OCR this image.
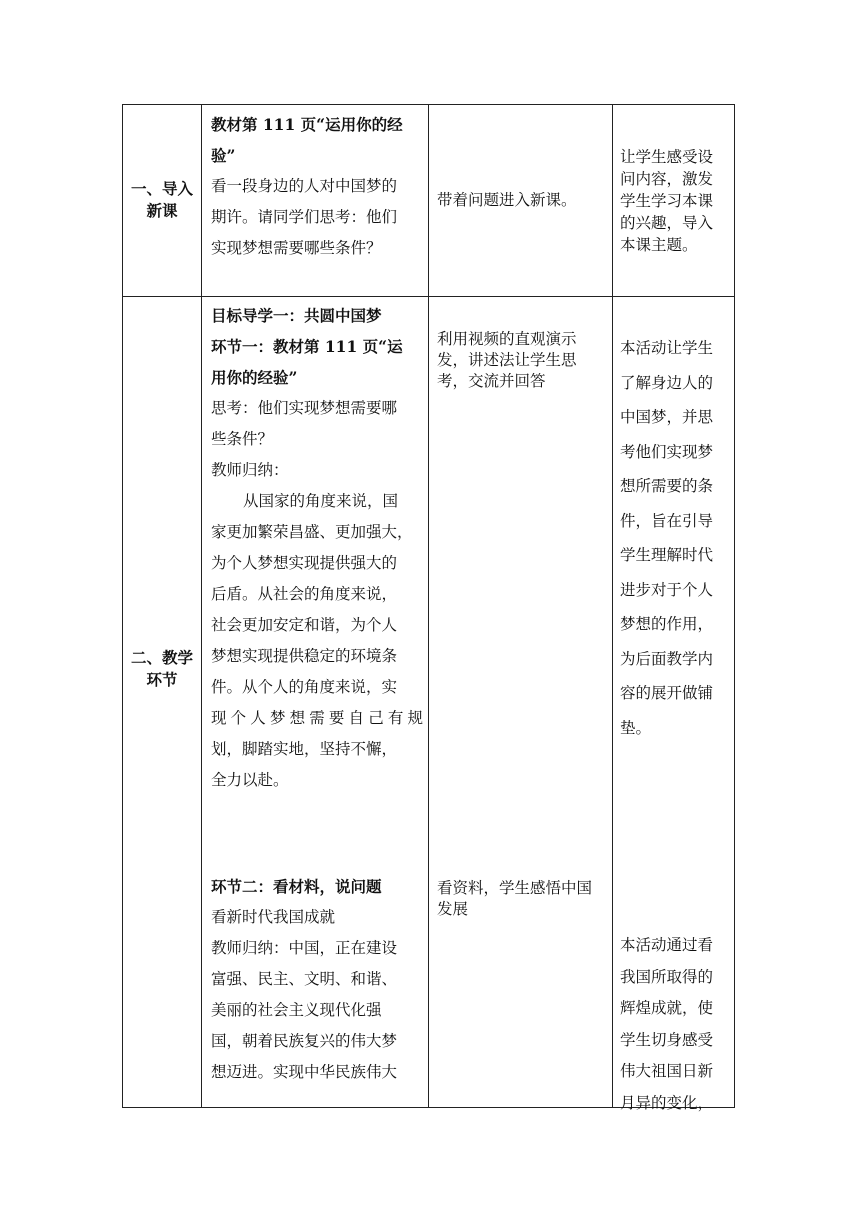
一、导入
新课
教材第 111 页“运用你的经
验”
看一段身边的人对中国梦的
期许。请同学们思考：他们
实现梦想需要哪些条件？
带着问题进入新课。
让学生感受设
问内容，激发
学生学习本课
的兴趣，导入
本课主题。
二、教学
环节
目标导学一：共圆中国梦
环节一：教材第 111 页“运
用你的经验”
思考：他们实现梦想需要哪
些条件？
教师归纳：
从国家的角度来说，国
家更加繁荣昌盛、更加强大，
为个人梦想实现提供强大的
后盾。从社会的角度来说，
社会更加安定和谐，为个人
梦想实现提供稳定的环境条
件。从个人的角度来说，实
现个人梦想需要自己有规
划，脚踏实地，坚持不懈，
全力以赴。
环节二：看材料，说问题
看新时代我国成就
教师归纳：中国，正在建设
富强、民主、文明、和谐、
美丽的社会主义现代化强
国，朝着民族复兴的伟大梦
想迈进。实现中华民族伟大
利用视频的直观演示
发，讲述法让学生思
考，交流并回答
看资料，学生感悟中国
发展
本活动让学生
了解身边人的
中国梦，并思
考他们实现梦
想所需要的条
件，旨在引导
学生理解时代
进步对于个人
梦想的作用，
为后面教学内
容的展开做铺
垫。
本活动通过看
我国所取得的
辉煌成就，使
学生切身感受
伟大祖国日新
月异的变化，
